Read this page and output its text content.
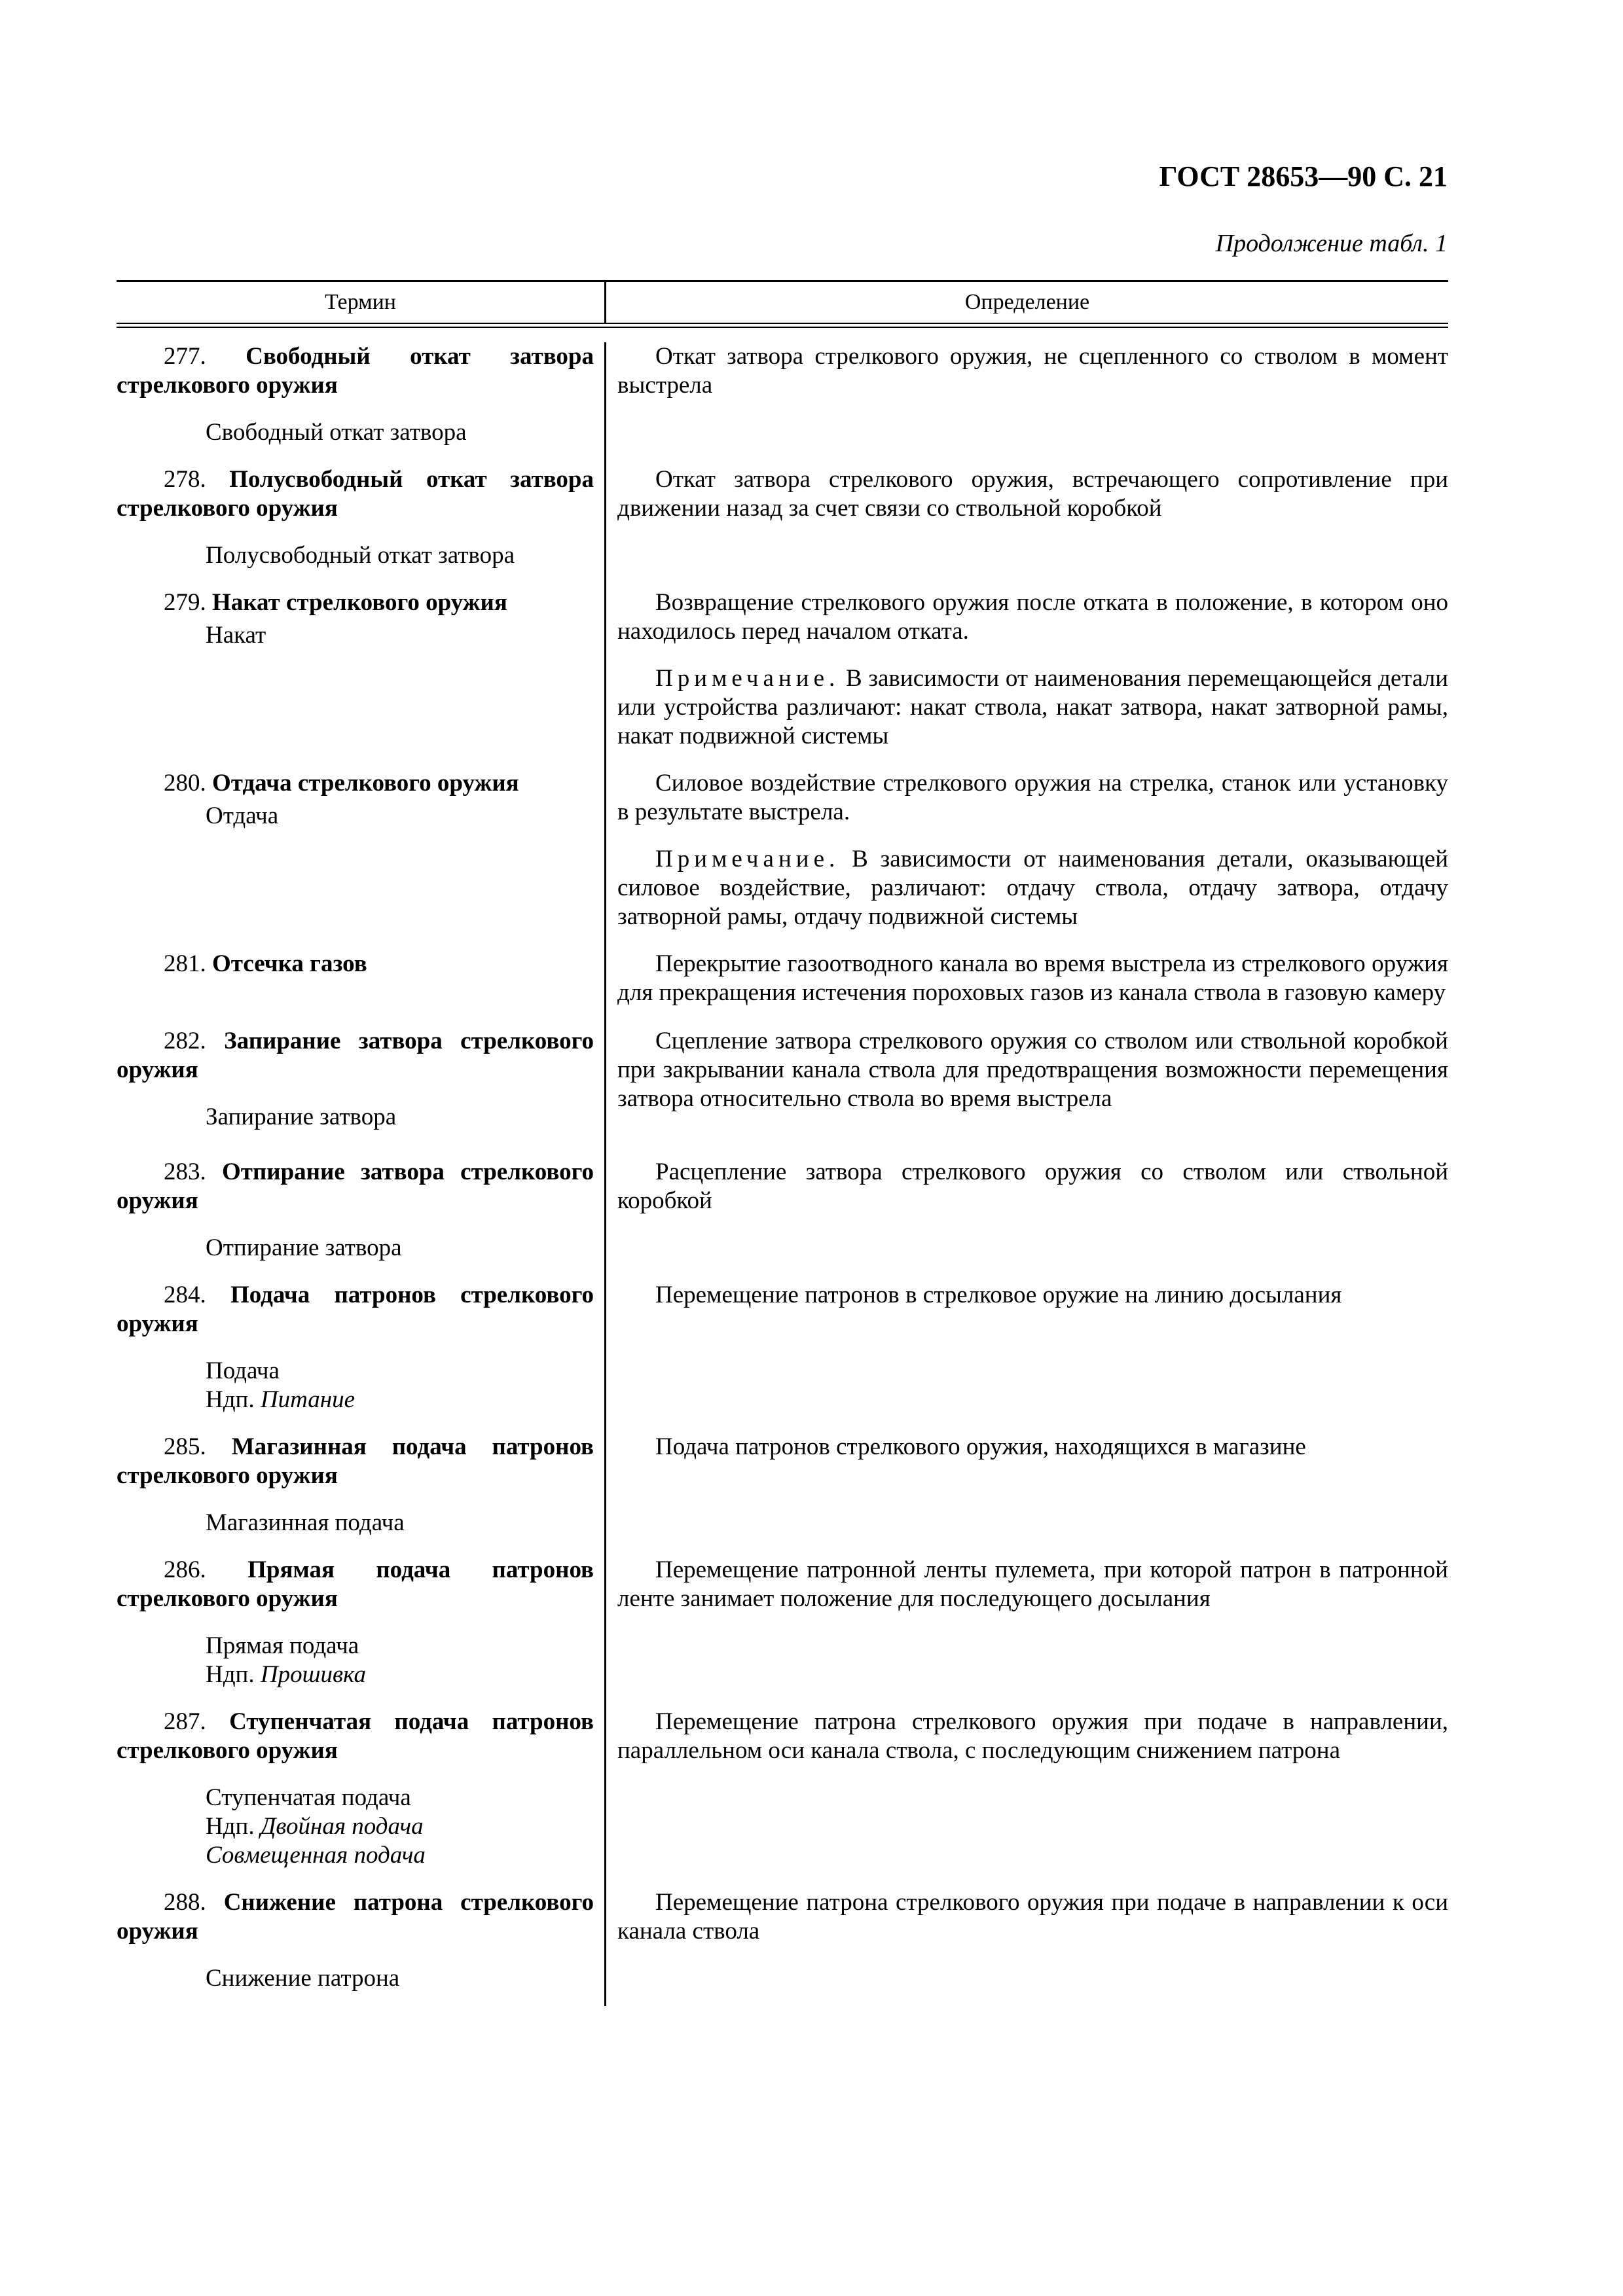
ГОСТ 28653—90 С. 21
Продолжение табл. 1
Термин	Определение

277. Свободный откат затвора стрелкового оружия

Свободный откат затвора

Откат затвора стрелкового оружия, не сцепленного со стволом в момент выстрела

278. Полусвободный откат затвора стрелкового оружия

Полусвободный откат затвора

Откат затвора стрелкового оружия, встречающего сопротивление при движении назад за счет связи со ствольной коробкой

279. Накат стрелкового оружия

Накат

Возвращение стрелкового оружия после отката в положение, в котором оно находилось перед началом отката.

Примечание. В зависимости от наименования перемещающейся детали или устройства различают: накат ствола, накат затвора, накат затворной рамы, накат подвижной системы

280. Отдача стрелкового оружия

Отдача

Силовое воздействие стрелкового оружия на стрелка, станок или установку в результате выстрела.

Примечание. В зависимости от наименования детали, оказывающей силовое воздействие, различают: отдачу ствола, отдачу затвора, отдачу затворной рамы, отдачу подвижной системы

281. Отсечка газов	Перекрытие газоотводного канала во время выстрела из стрелкового оружия для прекращения истечения пороховых газов из канала ствола в газовую камеру

282. Запирание затвора стрелкового оружия

Запирание затвора

Сцепление затвора стрелкового оружия со стволом или ствольной коробкой при закрывании канала ствола для предотвращения возможности перемещения затвора относительно ствола во время выстрела

283. Отпирание затвора стрелкового оружия

Отпирание затвора

Расцепление затвора стрелкового оружия со стволом или ствольной коробкой

284. Подача патронов стрелкового оружия

Подача

Ндп. Питание

Перемещение патронов в стрелковое оружие на линию досылания

285. Магазинная подача патронов стрелкового оружия

Магазинная подача

Подача патронов стрелкового оружия, находящихся в магазине

286. Прямая подача патронов стрелкового оружия

Прямая подача

Ндп. Прошивка

Перемещение патронной ленты пулемета, при которой патрон в патронной ленте занимает положение для последующего досылания

287. Ступенчатая подача патронов стрелкового оружия

Ступенчатая подача

Ндп. Двойная подача

Совмещенная подача

Перемещение патрона стрелкового оружия при подаче в направлении, параллельном оси канала ствола, с последующим снижением патрона

288. Снижение патрона стрелкового оружия

Снижение патрона

Перемещение патрона стрелкового оружия при подаче в направлении к оси канала ствола
